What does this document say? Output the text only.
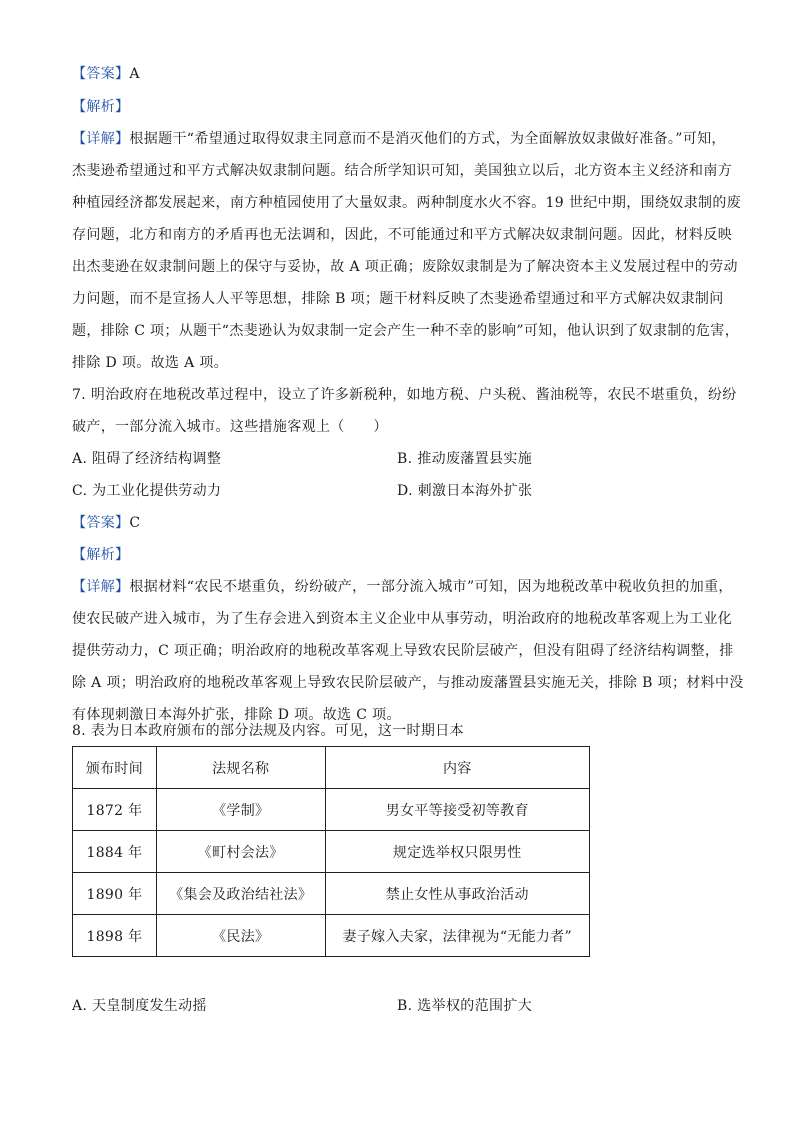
【答案】A
【解析】
【详解】根据题干“希望通过取得奴隶主同意而不是消灭他们的方式，为全面解放奴隶做好准备。”可知，
杰斐逊希望通过和平方式解决奴隶制问题。结合所学知识可知，美国独立以后，北方资本主义经济和南方
种植园经济都发展起来，南方种植园使用了大量奴隶。两种制度水火不容。19 世纪中期，围绕奴隶制的废
存问题，北方和南方的矛盾再也无法调和，因此，不可能通过和平方式解决奴隶制问题。因此，材料反映
出杰斐逊在奴隶制问题上的保守与妥协，故 A 项正确；废除奴隶制是为了解决资本主义发展过程中的劳动
力问题，而不是宣扬人人平等思想，排除 B 项；题干材料反映了杰斐逊希望通过和平方式解决奴隶制问
题，排除 C 项；从题干“杰斐逊认为奴隶制一定会产生一种不幸的影响”可知，他认识到了奴隶制的危害，
排除 D 项。故选 A 项。
7. 明治政府在地税改革过程中，设立了许多新税种，如地方税、户头税、酱油税等，农民不堪重负，纷纷
破产，一部分流入城市。这些措施客观上（　　）
A. 阻碍了经济结构调整	B. 推动废藩置县实施
C. 为工业化提供劳动力	D. 刺激日本海外扩张
【答案】C
【解析】
【详解】根据材料“农民不堪重负，纷纷破产，一部分流入城市”可知，因为地税改革中税收负担的加重，
使农民破产进入城市，为了生存会进入到资本主义企业中从事劳动，明治政府的地税改革客观上为工业化
提供劳动力，C 项正确；明治政府的地税改革客观上导致农民阶层破产，但没有阻碍了经济结构调整，排
除 A 项；明治政府的地税改革客观上导致农民阶层破产，与推动废藩置县实施无关，排除 B 项；材料中没
有体现刺激日本海外扩张，排除 D 项。故选 C 项。
8. 表为日本政府颁布的部分法规及内容。可见，这一时期日本
颁布时间	法规名称	内容
1872 年	《学制》	男女平等接受初等教育
1884 年	《町村会法》	规定选举权只限男性
1890 年	《集会及政治结社法》	禁止女性从事政治活动
1898 年	《民法》	妻子嫁入夫家，法律视为“无能力者”
A. 天皇制度发生动摇	B. 选举权的范围扩大
